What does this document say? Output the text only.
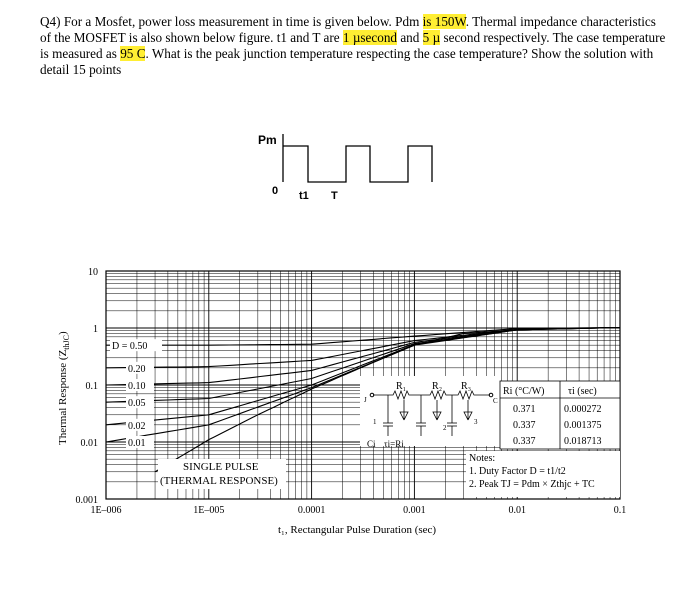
Q4) For a Mosfet, power loss measurement in time is given below. Pdm is 150W. Thermal impedance characteristics of the MOSFET is also shown below figure. t1 and T are 1 µsecond and 5 µ second respectively. The case temperature is measured as 95 C. What is the peak junction temperature respecting the case temperature? Show the solution with detail 15 points

Pm
0 t1 T
1E–006	1E–005	0.0001	0.001	0.01	0.1
0.001
0.01
0.1
1
10
Thermal Response $(Z_{thJC})$
t₁, Rectangular Pulse Duration (sec)
D = 0.50
0.20
0.10
0.05
0.02
0.01
SINGLE PULSE
(THERMAL RESPONSE)
R₁	R₂ R₃
J	C
1
2
3
Ci τi=Ri
Ri (°C/W) τi (sec)
0.371	0.000272
0.337	0.001375
0.337	0.018713
Notes:
1. Duty Factor D = t1/t2
2. Peak TJ = Pdm × Zthjc + TC
